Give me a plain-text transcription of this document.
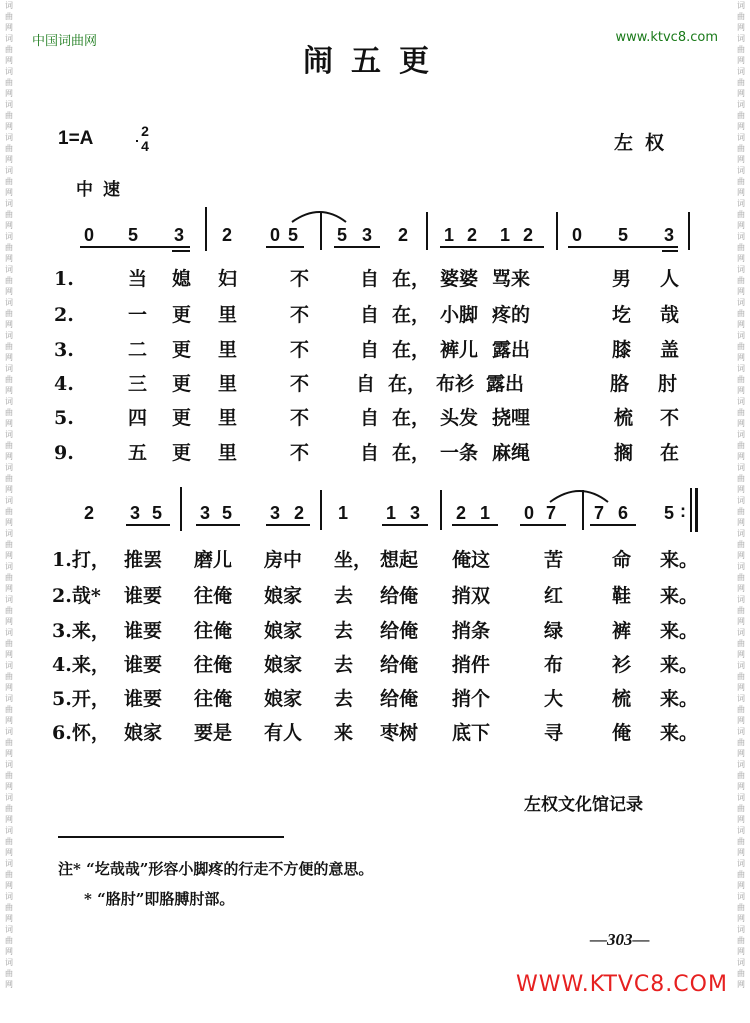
词曲网词曲网词曲网词曲网词曲网词曲网词曲网词曲网词曲网词曲网词曲网词曲网词曲网词曲网词曲网词曲网词曲网词曲网词曲网词曲网词曲网词曲网词曲网词曲网词曲网词曲网词曲网词曲网词曲网词曲网
词曲网词曲网词曲网词曲网词曲网词曲网词曲网词曲网词曲网词曲网词曲网词曲网词曲网词曲网词曲网词曲网词曲网词曲网词曲网词曲网词曲网词曲网词曲网词曲网词曲网词曲网词曲网词曲网词曲网词曲网
中国词曲网	www.ktvc8.com
闹五更
1=A	2
4	左权
中速
0 5 3 2 0 5 5 3 2 1 2 1 2 0 5 3
1.	当 媳 妇	不	自 在， 婆婆 骂来	男 人
2.	一 更 里	不	自 在， 小脚 疼的	圪 哉
3.	二 更 里	不	自 在， 裤儿 露出	膝 盖
4.	三 更 里	不 自 在， 布衫 露出	胳 肘
5.	四 更 里	不	自 在， 头发 挠哩	梳 不
9.	五 更 里	不	自 在， 一条 麻绳	搁 在
2 3 5 3 5 3 2 1 1 3 2 1 0 7 7 6 5 :
1.打， 推罢 磨儿 房中 坐， 想起 俺这	苦	命 来。
2.哉* 谁要 往俺 娘家 去 给俺 捎双	红	鞋 来。
3.来， 谁要 往俺 娘家 去 给俺 捎条	绿	裤 来。
4.来， 谁要 往俺 娘家 去 给俺 捎件	布	衫 来。
5.开， 谁要 往俺 娘家 去 给俺 捎个	大	梳 来。
6.怀， 娘家 要是 有人 来 枣树 底下	寻	俺 来。
左权文化馆记录
注* “圪哉哉”形容小脚疼的行走不方便的意思。
* “胳肘”即胳膊肘部。
—303—
WWW.KTVC8.COM
